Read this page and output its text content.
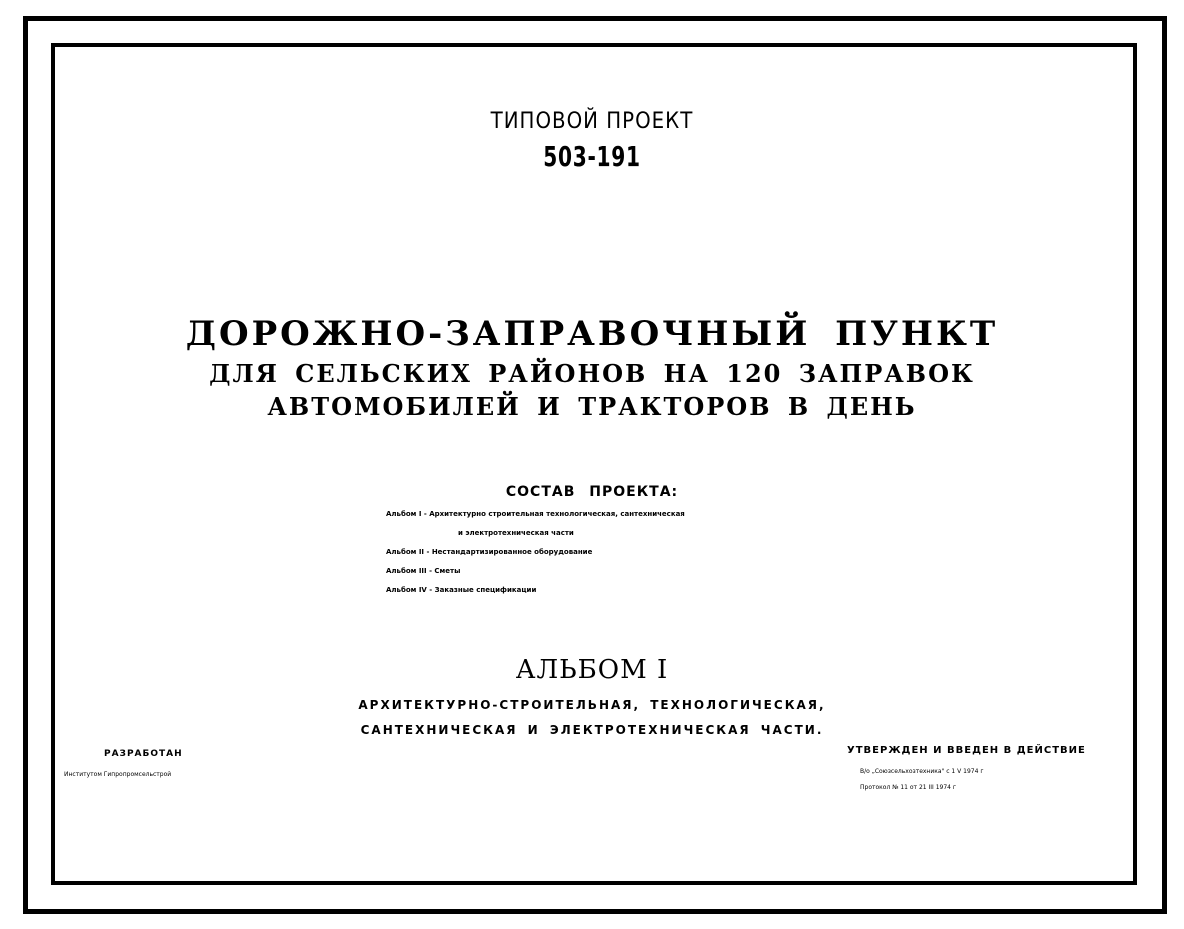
ТИПОВОЙ ПРОЕКТ
503-191
ДОРОЖНО-ЗАПРАВОЧНЫЙ ПУНКТ
ДЛЯ СЕЛЬСКИХ РАЙОНОВ НА 120 ЗАПРАВОК
АВТОМОБИЛЕЙ И ТРАКТОРОВ В ДЕНЬ
СОСТАВ ПРОЕКТА:
Альбом I - Архитектурно строительная технологическая, сантехническая
и электротехническая части
Альбом II - Нестандартизированное оборудование
Альбом III - Сметы
Альбом IV - Заказные спецификации
АЛЬБОМ I
АРХИТЕКТУРНО-СТРОИТЕЛЬНАЯ, ТЕХНОЛОГИЧЕСКАЯ,
САНТЕХНИЧЕСКАЯ И ЭЛЕКТРОТЕХНИЧЕСКАЯ ЧАСТИ.
РАЗРАБОТАН
Институтом Гипропромсельстрой
УТВЕРЖДЕН И ВВЕДЕН В ДЕЙСТВИЕ
В/о „Союзсельхозтехника" с 1 V 1974 г
Протокол № 11 от 21 III 1974 г
